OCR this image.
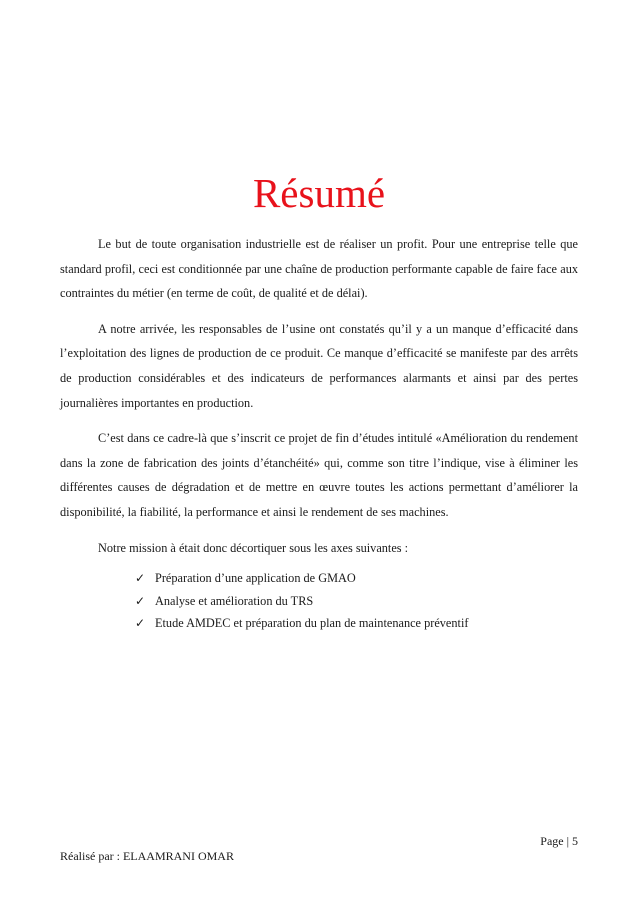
Résumé

Le but de toute organisation industrielle est de réaliser un profit. Pour une entreprise telle que standard profil, ceci est conditionnée par une chaîne de production performante capable de faire face aux contraintes du métier (en terme de coût, de qualité et de délai).

A notre arrivée, les responsables de l’usine ont constatés qu’il y a un manque d’efficacité dans l’exploitation des lignes de production de ce produit. Ce manque d’efficacité se manifeste par des arrêts de production considérables et des indicateurs de performances alarmants et ainsi par des pertes journalières importantes en production.

C’est dans ce cadre-là que s’inscrit ce projet de fin d’études intitulé «Amélioration du rendement dans la zone de fabrication des joints d’étanchéité» qui, comme son titre l’indique, vise à éliminer les différentes causes de dégradation et de mettre en œuvre toutes les actions permettant d’améliorer la disponibilité, la fiabilité, la performance et ainsi le rendement de ses machines.

Notre mission à était donc décortiquer sous les axes suivantes :

✓ Préparation d’une application de GMAO
✓ Analyse et amélioration du TRS
✓ Etude AMDEC et préparation du plan de maintenance préventif
Page | 5
Réalisé par : ELAAMRANI OMAR
